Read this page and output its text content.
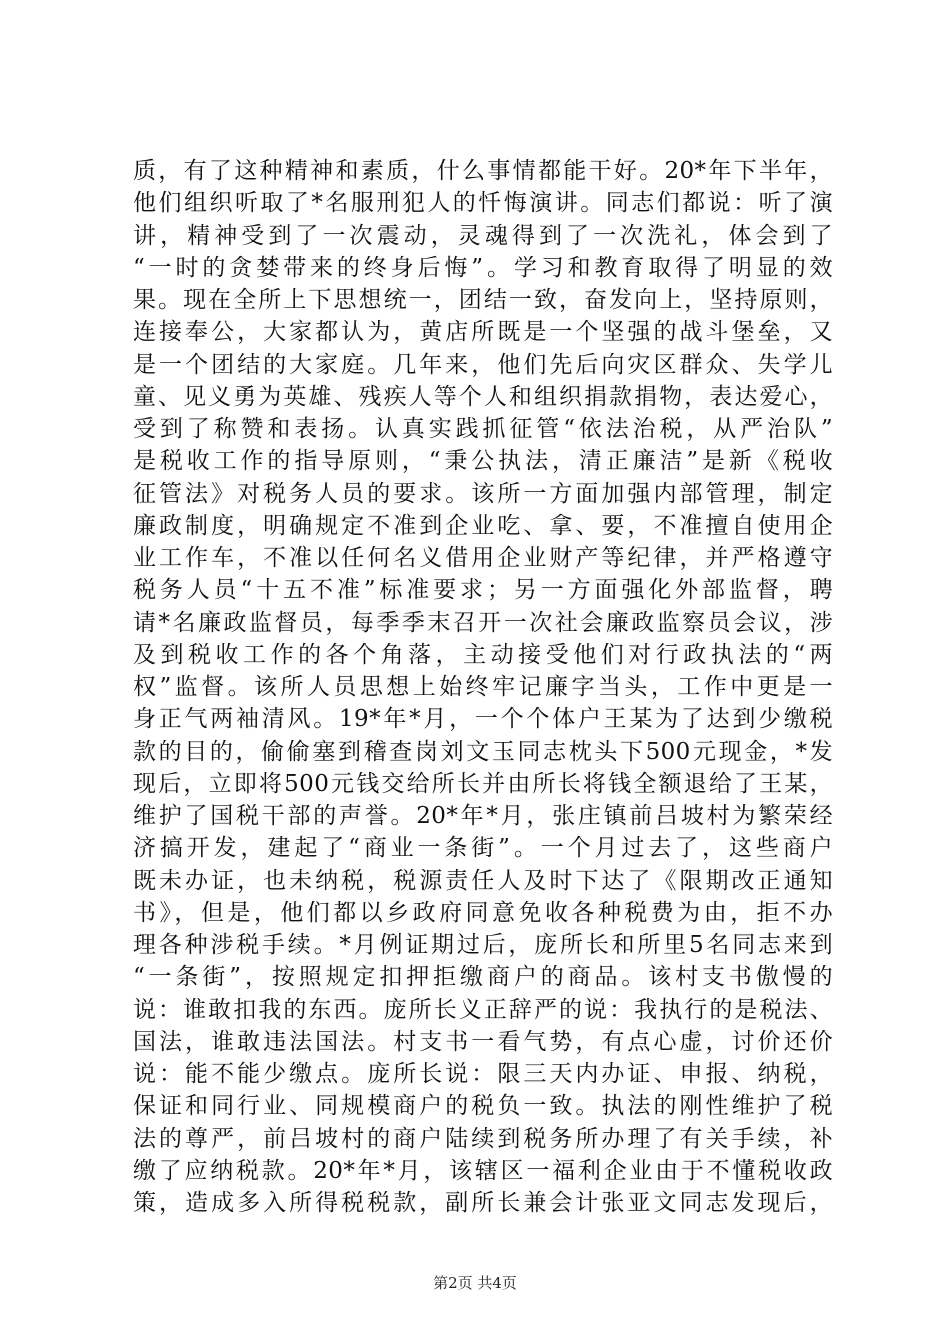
质，有了这种精神和素质，什么事情都能干好。20*年下半年，
他们组织听取了*名服刑犯人的忏悔演讲。同志们都说：听了演
讲，精神受到了一次震动，灵魂得到了一次洗礼，体会到了
“一时的贪婪带来的终身后悔”。学习和教育取得了明显的效
果。现在全所上下思想统一，团结一致，奋发向上，坚持原则，
连接奉公，大家都认为，黄店所既是一个坚强的战斗堡垒，又
是一个团结的大家庭。几年来，他们先后向灾区群众、失学儿
童、见义勇为英雄、残疾人等个人和组织捐款捐物，表达爱心，
受到了称赞和表扬。认真实践抓征管“依法治税，从严治队”
是税收工作的指导原则，“秉公执法，清正廉洁”是新《税收
征管法》对税务人员的要求。该所一方面加强内部管理，制定
廉政制度，明确规定不准到企业吃、拿、要，不准擅自使用企
业工作车，不准以任何名义借用企业财产等纪律，并严格遵守
税务人员“十五不准”标准要求；另一方面强化外部监督，聘
请*名廉政监督员，每季季末召开一次社会廉政监察员会议，涉
及到税收工作的各个角落，主动接受他们对行政执法的“两
权”监督。该所人员思想上始终牢记廉字当头，工作中更是一
身正气两袖清风。19*年*月，一个个体户王某为了达到少缴税
款的目的，偷偷塞到稽查岗刘文玉同志枕头下500元现金，*发
现后，立即将500元钱交给所长并由所长将钱全额退给了王某，
维护了国税干部的声誉。20*年*月，张庄镇前吕坡村为繁荣经
济搞开发，建起了“商业一条街”。一个月过去了，这些商户
既未办证，也未纳税，税源责任人及时下达了《限期改正通知
书》，但是，他们都以乡政府同意免收各种税费为由，拒不办
理各种涉税手续。*月例证期过后，庞所长和所里5名同志来到
“一条街”，按照规定扣押拒缴商户的商品。该村支书傲慢的
说：谁敢扣我的东西。庞所长义正辞严的说：我执行的是税法、
国法，谁敢违法国法。村支书一看气势，有点心虚，讨价还价
说：能不能少缴点。庞所长说：限三天内办证、申报、纳税，
保证和同行业、同规模商户的税负一致。执法的刚性维护了税
法的尊严，前吕坡村的商户陆续到税务所办理了有关手续，补
缴了应纳税款。20*年*月，该辖区一福利企业由于不懂税收政
策，造成多入所得税税款，副所长兼会计张亚文同志发现后，
第2页 共4页
